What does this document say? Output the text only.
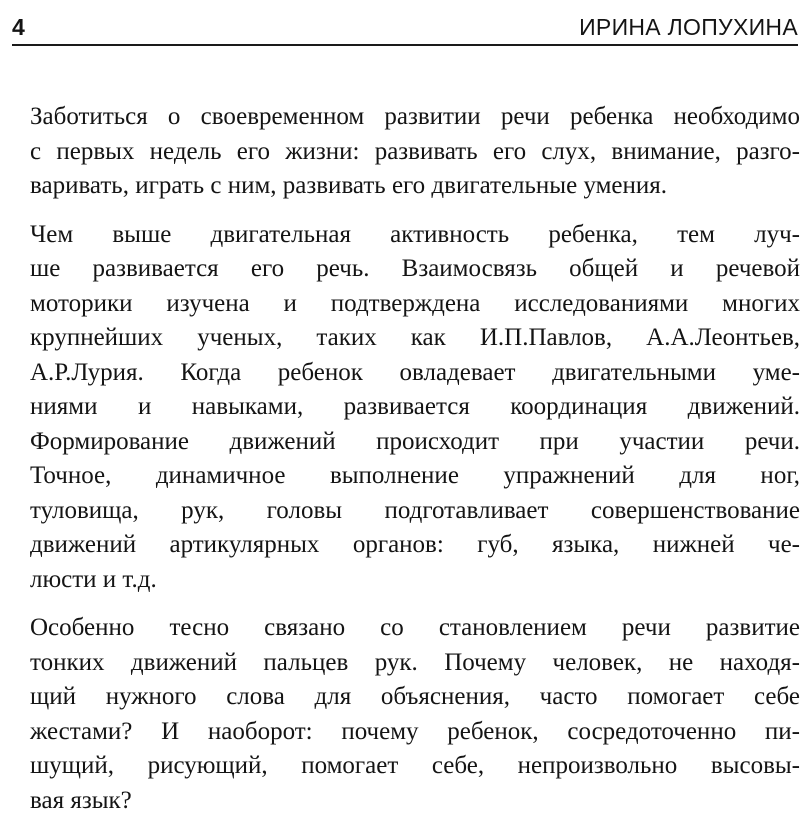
4	ИРИНА ЛОПУХИНА

Заботиться о своевременном развитии речи ребенка необходимо
с первых недель его жизни: развивать его слух, внимание, разго-
варивать, играть с ним, развивать его двигательные умения.

Чем выше двигательная активность ребенка, тем луч-
ше развивается его речь. Взаимосвязь общей и речевой
моторики изучена и подтверждена исследованиями многих
крупнейших ученых, таких как И.П.Павлов, А.А.Леонтьев,
А.Р.Лурия. Когда ребенок овладевает двигательными уме-
ниями и навыками, развивается координация движений.
Формирование движений происходит при участии речи.
Точное, динамичное выполнение упражнений для ног,
туловища, рук, головы подготавливает совершенствование
движений артикулярных органов: губ, языка, нижней че-
люсти и т.д.

Особенно тесно связано со становлением речи развитие
тонких движений пальцев рук. Почему человек, не находя-
щий нужного слова для объяснения, часто помогает себе
жестами? И наоборот: почему ребенок, сосредоточенно пи-
шущий, рисующий, помогает себе, непроизвольно высовы-
вая язык?
